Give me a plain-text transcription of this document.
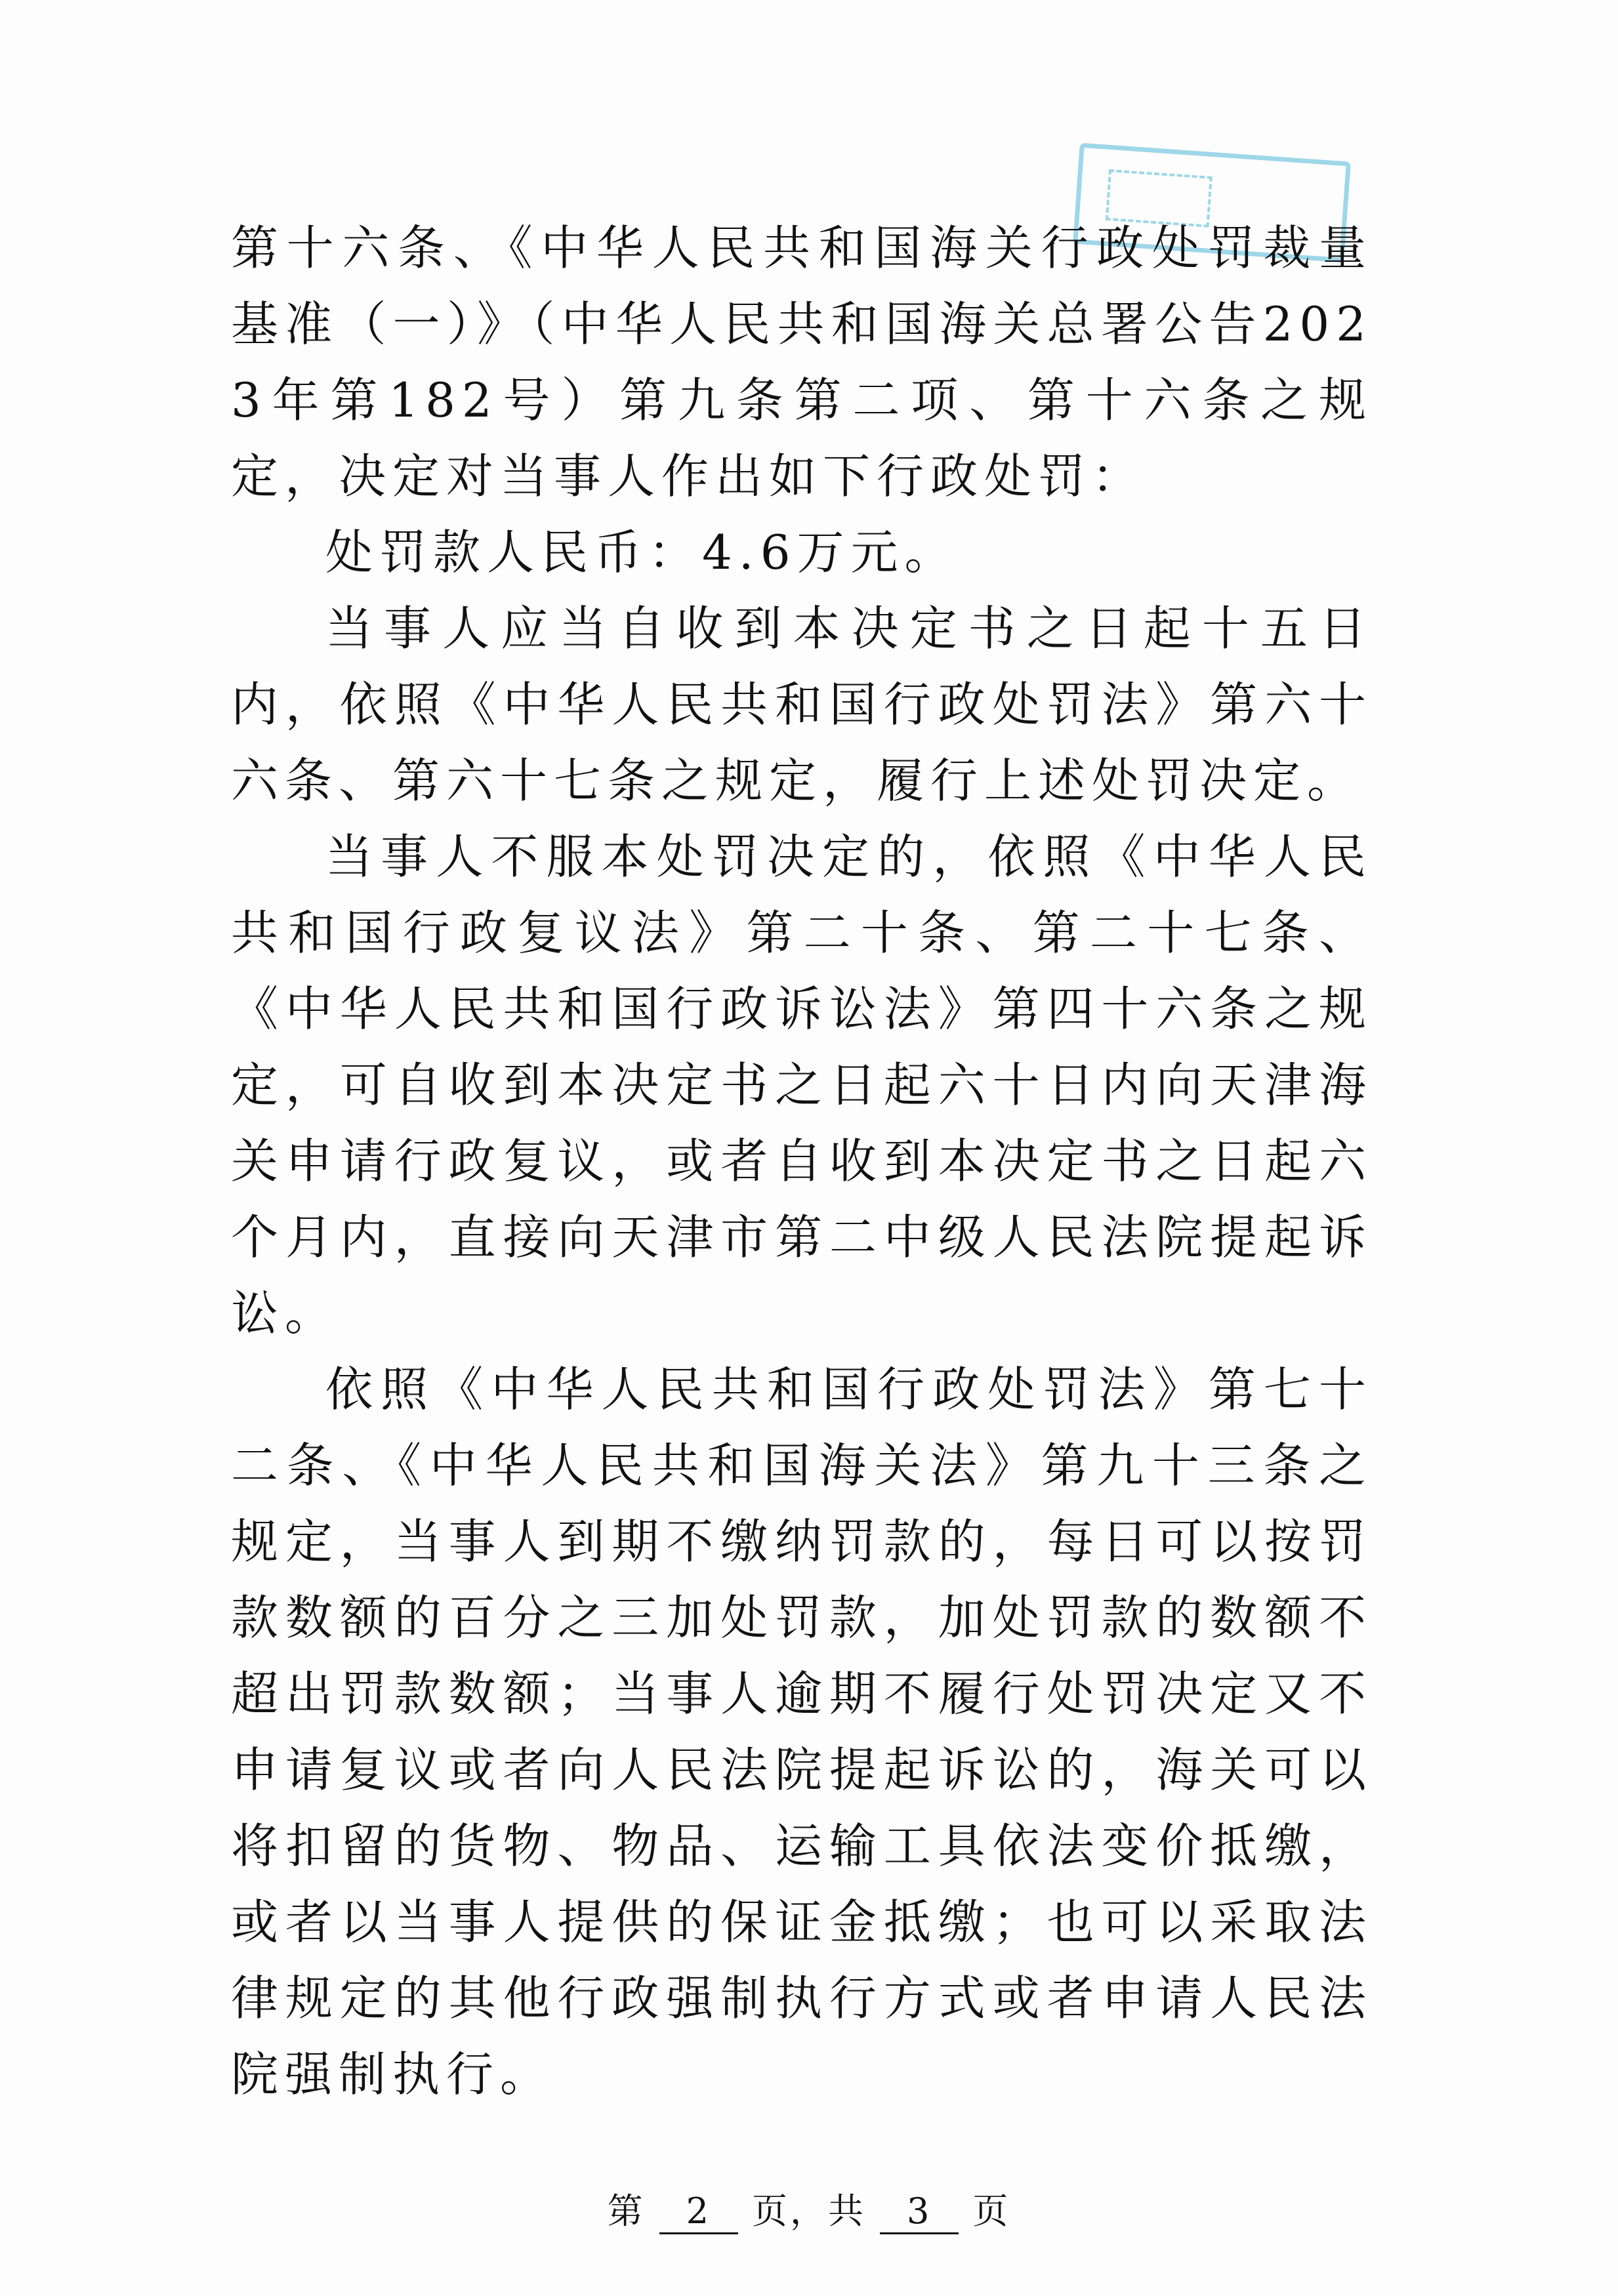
第十六条、《中华人民共和国海关行政处罚裁量基准（一）》（中华人民共和国海关总署公告2023年第182号）第九条第二项、第十六条之规定，决定对当事人作出如下行政处罚：

处罚款人民币：4.6万元。

当事人应当自收到本决定书之日起十五日内，依照《中华人民共和国行政处罚法》第六十六条、第六十七条之规定，履行上述处罚决定。

当事人不服本处罚决定的，依照《中华人民共和国行政复议法》第二十条、第二十七条、《中华人民共和国行政诉讼法》第四十六条之规定，可自收到本决定书之日起六十日内向天津海关申请行政复议，或者自收到本决定书之日起六个月内，直接向天津市第二中级人民法院提起诉讼。

依照《中华人民共和国行政处罚法》第七十二条、《中华人民共和国海关法》第九十三条之规定，当事人到期不缴纳罚款的，每日可以按罚款数额的百分之三加处罚款，加处罚款的数额不超出罚款数额；当事人逾期不履行处罚决定又不申请复议或者向人民法院提起诉讼的，海关可以将扣留的货物、物品、运输工具依法变价抵缴，或者以当事人提供的保证金抵缴；也可以采取法律规定的其他行政强制执行方式或者申请人民法院强制执行。

第 2 页，共 3 页
